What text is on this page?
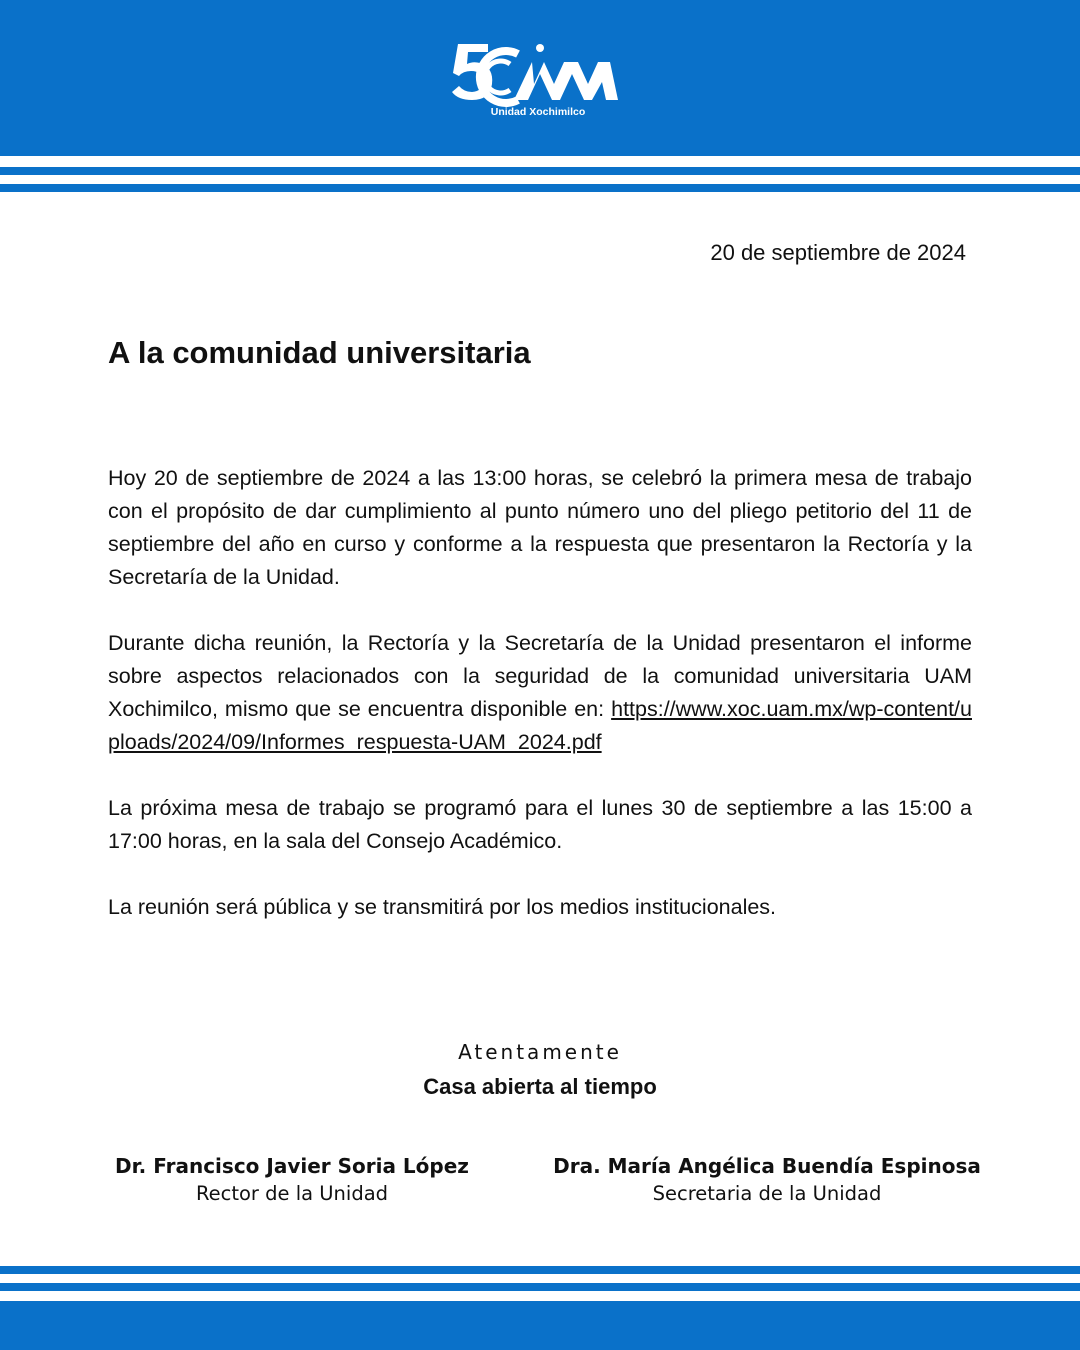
Unidad Xochimilco
20 de septiembre de 2024
A la comunidad universitaria

Hoy 20 de septiembre de 2024 a las 13:00 horas, se celebró la primera mesa de trabajo con el propósito de dar cumplimiento al punto número uno del pliego petitorio del 11 de septiembre del año en curso y conforme a la respuesta que presentaron la Rectoría y la Secretaría de la Unidad.

Durante dicha reunión, la Rectoría y la Secretaría de la Unidad presentaron el informe sobre aspectos relacionados con la seguridad de la comunidad universitaria UAM Xochimilco, mismo que se encuentra disponible en: https://www.xoc.uam.mx/wp-content/uploads/2024/09/Informes_respuesta-UAM_2024.pdf

La próxima mesa de trabajo se programó para el lunes 30 de septiembre a las 15:00 a 17:00 horas, en la sala del Consejo Académico.

La reunión será pública y se transmitirá por los medios institucionales.

Atentamente
Casa abierta al tiempo
Dr. Francisco Javier Soria López
Rector de la Unidad
Dra. María Angélica Buendía Espinosa
Secretaria de la Unidad
